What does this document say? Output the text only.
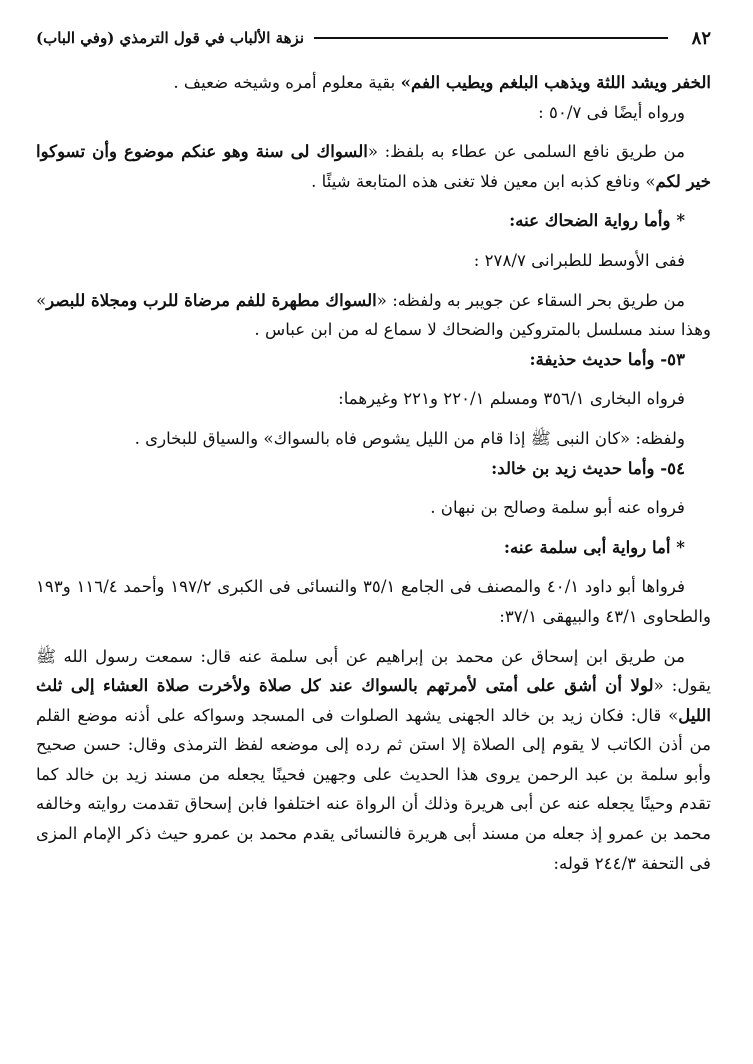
٨٢
نزهة الألباب في قول الترمذي (وفي الباب)

الخفر ويشد اللثة ويذهب البلغم ويطيب الفم» بقية معلوم أمره وشيخه ضعيف .

ورواه أيضًا فى ٥٠/٧ :

من طريق نافع السلمى عن عطاء به بلفظ: «السواك لى سنة وهو عنكم موضوع وأن تسوكوا خير لكم» ونافع كذبه ابن معين فلا تغنى هذه المتابعة شيئًا .

* وأما رواية الضحاك عنه:

ففى الأوسط للطبرانى ٢٧٨/٧ :

من طريق بحر السقاء عن جويبر به ولفظه: «السواك مطهرة للفم مرضاة للرب ومجلاة للبصر» وهذا سند مسلسل بالمتروكين والضحاك لا سماع له من ابن عباس .

٥٣- وأما حديث حذيفة:

فرواه البخارى ٣٥٦/١ ومسلم ٢٢٠/١ و٢٢١ وغيرهما:

ولفظه: «كان النبى ﷺ إذا قام من الليل يشوص فاه بالسواك» والسياق للبخارى .

٥٤- وأما حديث زيد بن خالد:

فرواه عنه أبو سلمة وصالح بن نبهان .

* أما رواية أبى سلمة عنه:

فرواها أبو داود ٤٠/١ والمصنف فى الجامع ٣٥/١ والنسائى فى الكبرى ١٩٧/٢ وأحمد ١١٦/٤ و١٩٣ والطحاوى ٤٣/١ والبيهقى ٣٧/١:

من طريق ابن إسحاق عن محمد بن إبراهيم عن أبى سلمة عنه قال: سمعت رسول الله ﷺ يقول: «لولا أن أشق على أمتى لأمرتهم بالسواك عند كل صلاة ولأخرت صلاة العشاء إلى ثلث الليل» قال: فكان زيد بن خالد الجهنى يشهد الصلوات فى المسجد وسواكه على أذنه موضع القلم من أذن الكاتب لا يقوم إلى الصلاة إلا استن ثم رده إلى موضعه لفظ الترمذى وقال: حسن صحيح وأبو سلمة بن عبد الرحمن يروى هذا الحديث على وجهين فحينًا يجعله من مسند زيد بن خالد كما تقدم وحينًا يجعله عنه عن أبى هريرة وذلك أن الرواة عنه اختلفوا فابن إسحاق تقدمت روايته وخالفه محمد بن عمرو إذ جعله من مسند أبى هريرة فالنسائى يقدم محمد بن عمرو حيث ذكر الإمام المزى فى التحفة ٢٤٤/٣ قوله:
